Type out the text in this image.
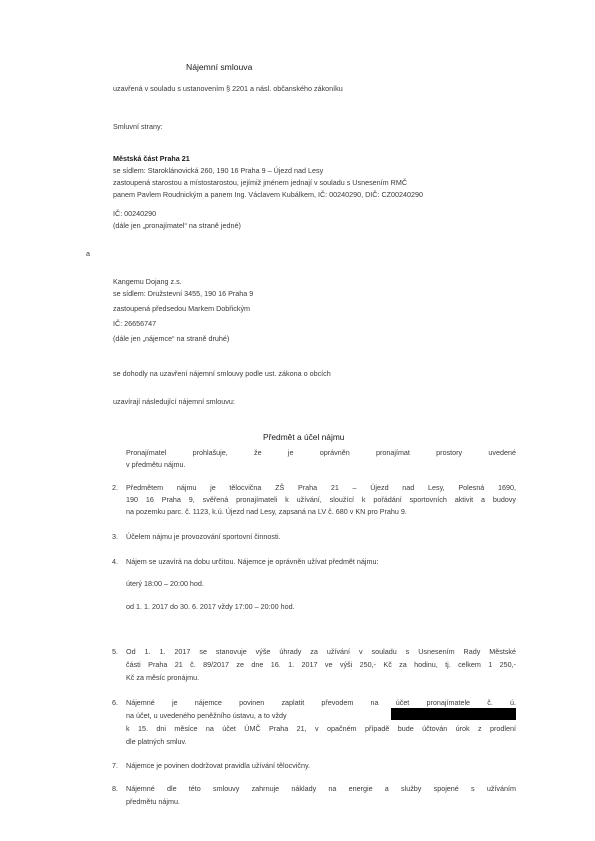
Nájemní smlouva
uzavřená v souladu s ustanovením § 2201 a násl. občanského zákoníku
Smluvní strany:
Městská část Praha 21
se sídlem: Staroklánovická 260, 190 16 Praha 9 – Újezd nad Lesy
zastoupená starostou a místostarostou, jejímiž jménem jednají v souladu s Usnesením RMČ
panem Pavlem Roudnickým a panem Ing. Václavem Kubálkem, IČ: 00240290, DIČ: CZ00240290
IČ: 00240290
(dále jen „pronajímatel“ na straně jedné)
a
Kangemu Dojang z.s.
se sídlem: Družstevní 3455, 190 16 Praha 9
zastoupená předsedou Markem Dobřickým
IČ: 26656747
(dále jen „nájemce“ na straně druhé)
se dohodly na uzavření nájemní smlouvy podle ust. zákona o obcích
uzavírají následující nájemní smlouvu:
Předmět a účel nájmu
Pronajímatel prohlašuje, že je oprávněn pronajímat prostory uvedené
v předmětu nájmu.
2. Předmětem nájmu je tělocvična ZŠ Praha 21 – Újezd nad Lesy, Polesná 1690,
190 16 Praha 9, svěřená pronajímateli k užívání, sloužící k pořádání sportovních aktivit a budovy
na pozemku parc. č. 1123, k.ú. Újezd nad Lesy, zapsaná na LV č. 680 v KN pro Prahu 9.
3. Účelem nájmu je provozování sportovní činnosti.
4. Nájem se uzavírá na dobu určitou. Nájemce je oprávněn užívat předmět nájmu:
úterý 18:00 – 20:00 hod.
od 1. 1. 2017 do 30. 6. 2017 vždy 17:00 – 20:00 hod.
5. Od 1. 1. 2017 se stanovuje výše úhrady za užívání v souladu s Usnesením Rady Městské
části Praha 21 č. 89/2017 ze dne 16. 1. 2017 ve výši 250,- Kč za hodinu, tj. celkem 1 250,-
Kč za měsíc pronájmu.
6. Nájemné je nájemce povinen zaplatit převodem na účet pronajímatele č. ú.
na účet, u uvedeného peněžního ústavu, a to vždy
k 15. dni měsíce na účet ÚMČ Praha 21, v opačném případě bude účtován úrok z prodlení
dle platných smluv.
7. Nájemce je povinen dodržovat pravidla užívání tělocvičny.
8. Nájemné dle této smlouvy zahrnuje náklady na energie a služby spojené s užíváním
předmětu nájmu.
